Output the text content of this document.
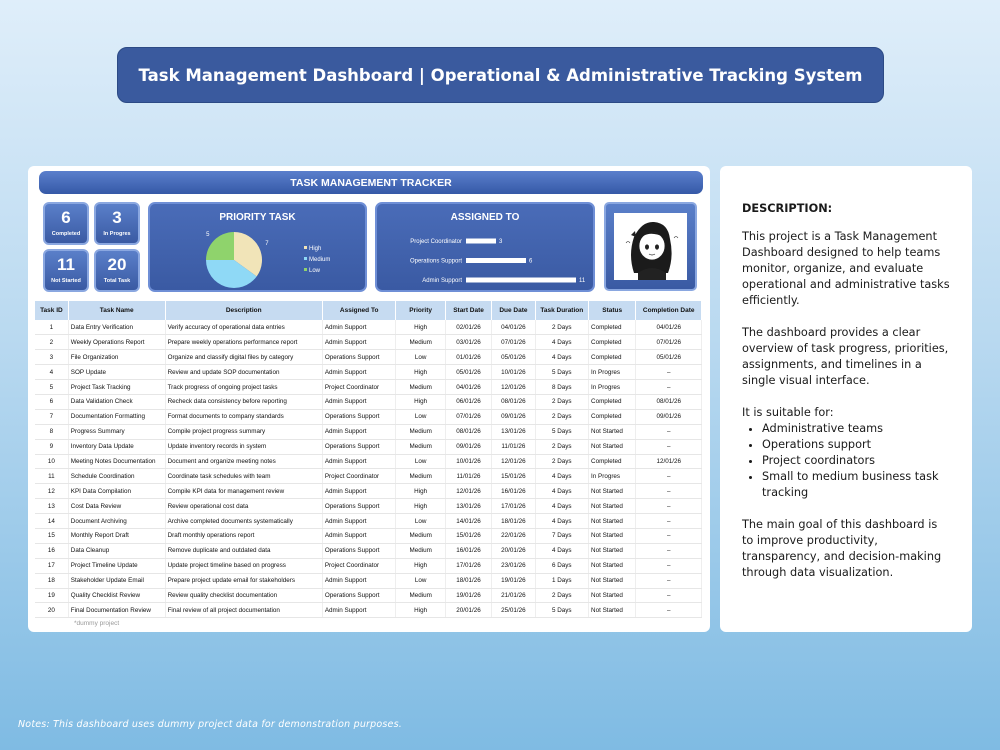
Task Management Dashboard | Operational & Administrative Tracking System
TASK MANAGEMENT TRACKER
6
Completed
3
In Progres
11
Not Started
20
Total Task
PRIORITY TASK
7
8
5
High
Medium
Low
ASSIGNED TO
Project Coordinator	3
Operations Support	6
Admin Support	11
Task ID	Task Name	Description	Assigned To	Priority	Start Date	Due Date	Task Duration	Status	Completion Date
1	Data Entry Verification	Verify accuracy of operational data entries	Admin Support	High	02/01/26	04/01/26	2 Days	Completed	04/01/26
2	Weekly Operations Report	Prepare weekly operations performance report	Admin Support	Medium	03/01/26	07/01/26	4 Days	Completed	07/01/26
3	File Organization	Organize and classify digital files by category	Operations Support	Low	01/01/26	05/01/26	4 Days	Completed	05/01/26
4	SOP Update	Review and update SOP documentation	Admin Support	High	05/01/26	10/01/26	5 Days	In Progres	–
5	Project Task Tracking	Track progress of ongoing project tasks	Project Coordinator	Medium	04/01/26	12/01/26	8 Days	In Progres	–
6	Data Validation Check	Recheck data consistency before reporting	Admin Support	High	06/01/26	08/01/26	2 Days	Completed	08/01/26
7	Documentation Formatting	Format documents to company standards	Operations Support	Low	07/01/26	09/01/26	2 Days	Completed	09/01/26
8	Progress Summary	Compile project progress summary	Admin Support	Medium	08/01/26	13/01/26	5 Days	Not Started	–
9	Inventory Data Update	Update inventory records in system	Operations Support	Medium	09/01/26	11/01/26	2 Days	Not Started	–
10	Meeting Notes Documentation	Document and organize meeting notes	Admin Support	Low	10/01/26	12/01/26	2 Days	Completed	12/01/26
11	Schedule Coordination	Coordinate task schedules with team	Project Coordinator	Medium	11/01/26	15/01/26	4 Days	In Progres	–
12	KPI Data Compilation	Compile KPI data for management review	Admin Support	High	12/01/26	16/01/26	4 Days	Not Started	–
13	Cost Data Review	Review operational cost data	Operations Support	High	13/01/26	17/01/26	4 Days	Not Started	–
14	Document Archiving	Archive completed documents systematically	Admin Support	Low	14/01/26	18/01/26	4 Days	Not Started	–
15	Monthly Report Draft	Draft monthly operations report	Admin Support	Medium	15/01/26	22/01/26	7 Days	Not Started	–
16	Data Cleanup	Remove duplicate and outdated data	Operations Support	Medium	16/01/26	20/01/26	4 Days	Not Started	–
17	Project Timeline Update	Update project timeline based on progress	Project Coordinator	High	17/01/26	23/01/26	6 Days	Not Started	–
18	Stakeholder Update Email	Prepare project update email for stakeholders	Admin Support	Low	18/01/26	19/01/26	1 Days	Not Started	–
19	Quality Checklist Review	Review quality checklist documentation	Operations Support	Medium	19/01/26	21/01/26	2 Days	Not Started	–
20	Final Documentation Review	Final review of all project documentation	Admin Support	High	20/01/26	25/01/26	5 Days	Not Started	–
*dummy project
DESCRIPTION:

This project is a Task Management Dashboard designed to help teams monitor, organize, and evaluate operational and administrative tasks efficiently.

The dashboard provides a clear overview of task progress, priorities, assignments, and timelines in a single visual interface.

It is suitable for:
• Administrative teams
• Operations support
• Project coordinators
• Small to medium business task tracking

The main goal of this dashboard is to improve productivity, transparency, and decision-making through data visualization.

Notes: This dashboard uses dummy project data for demonstration purposes.
